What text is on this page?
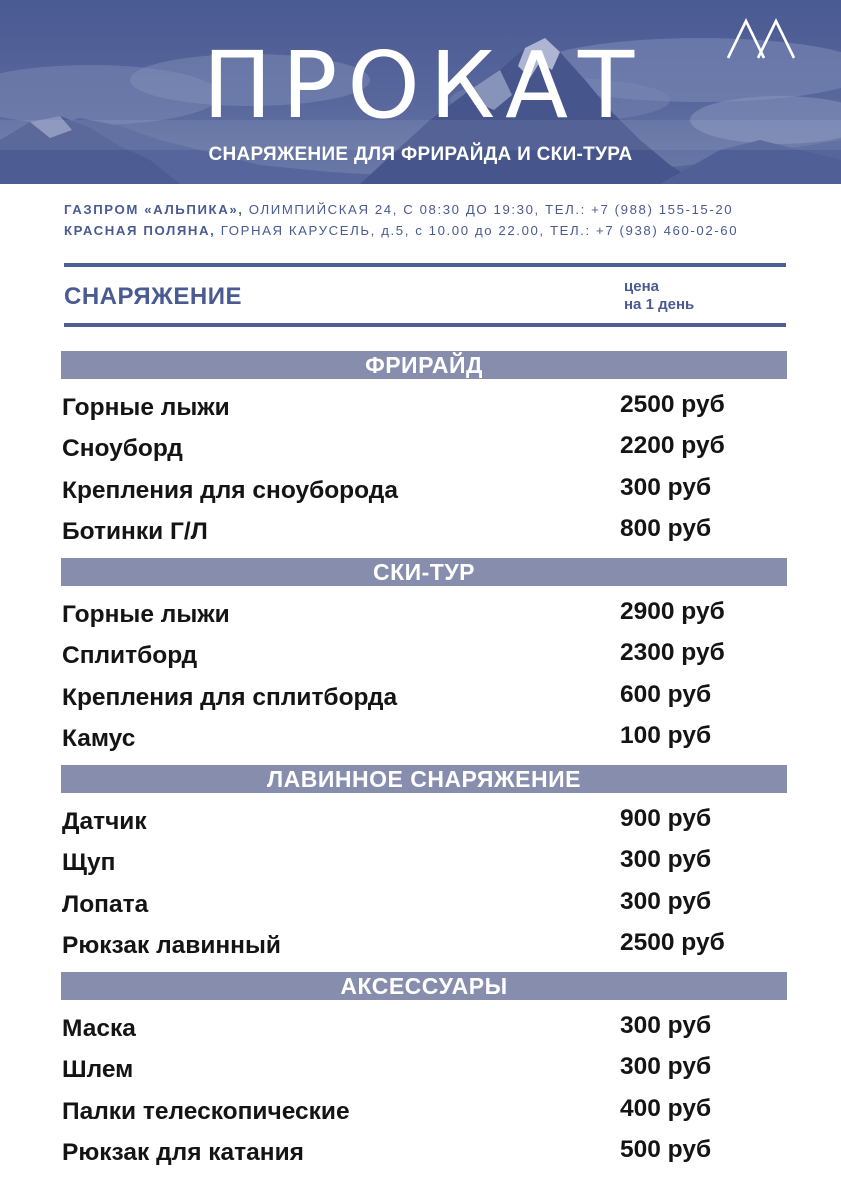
ПРОКАТ
СНАРЯЖЕНИЕ ДЛЯ ФРИРАЙДА И СКИ-ТУРА
ГАЗПРОМ «АЛЬПИКА», ОЛИМПИЙСКАЯ 24, С 08:30 ДО 19:30, ТЕЛ.: +7 (988) 155-15-20
КРАСНАЯ ПОЛЯНА, ГОРНАЯ КАРУСЕЛЬ, д.5, с 10.00 до 22.00, ТЕЛ.: +7 (938) 460-02-60
СНАРЯЖЕНИЕ	цена
на 1 день
ФРИРАЙД
Горные лыжи	2500 руб
Сноуборд	2200 руб
Крепления для сноуборода	300 руб
Ботинки Г/Л	800 руб
СКИ-ТУР
Горные лыжи	2900 руб
Сплитборд	2300 руб
Крепления для сплитборда	600 руб
Камус	100 руб
ЛАВИННОЕ СНАРЯЖЕНИЕ
Датчик	900 руб
Щуп	300 руб
Лопата	300 руб
Рюкзак лавинный	2500 руб
АКСЕССУАРЫ
Маска	300 руб
Шлем	300 руб
Палки телескопические	400 руб
Рюкзак для катания	500 руб
